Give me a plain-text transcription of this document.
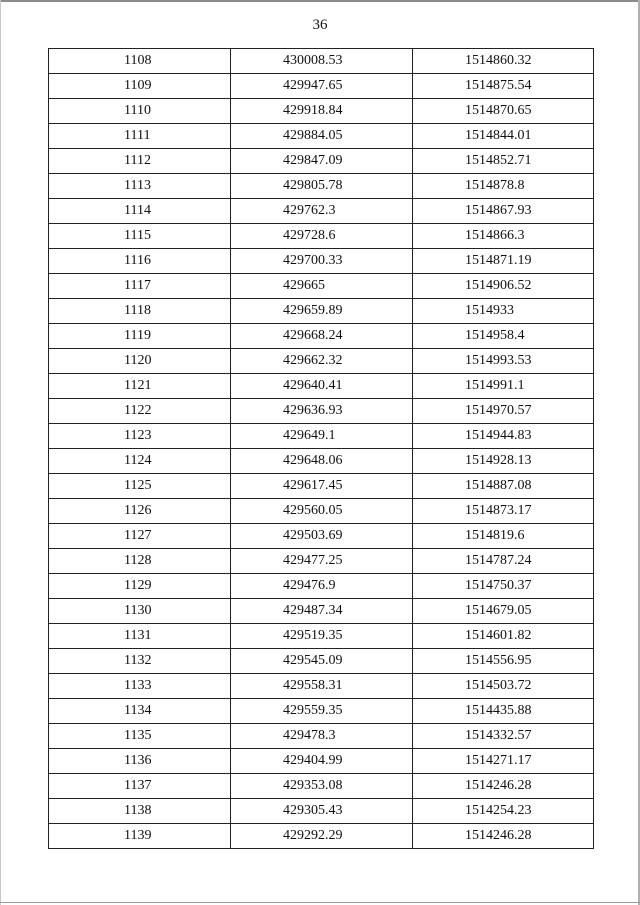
36
1108	430008.53	1514860.32
1109	429947.65	1514875.54
1110	429918.84	1514870.65
1111	429884.05	1514844.01
1112	429847.09	1514852.71
1113	429805.78	1514878.8
1114	429762.3	1514867.93
1115	429728.6	1514866.3
1116	429700.33	1514871.19
1117	429665	1514906.52
1118	429659.89	1514933
1119	429668.24	1514958.4
1120	429662.32	1514993.53
1121	429640.41	1514991.1
1122	429636.93	1514970.57
1123	429649.1	1514944.83
1124	429648.06	1514928.13
1125	429617.45	1514887.08
1126	429560.05	1514873.17
1127	429503.69	1514819.6
1128	429477.25	1514787.24
1129	429476.9	1514750.37
1130	429487.34	1514679.05
1131	429519.35	1514601.82
1132	429545.09	1514556.95
1133	429558.31	1514503.72
1134	429559.35	1514435.88
1135	429478.3	1514332.57
1136	429404.99	1514271.17
1137	429353.08	1514246.28
1138	429305.43	1514254.23
1139	429292.29	1514246.28
